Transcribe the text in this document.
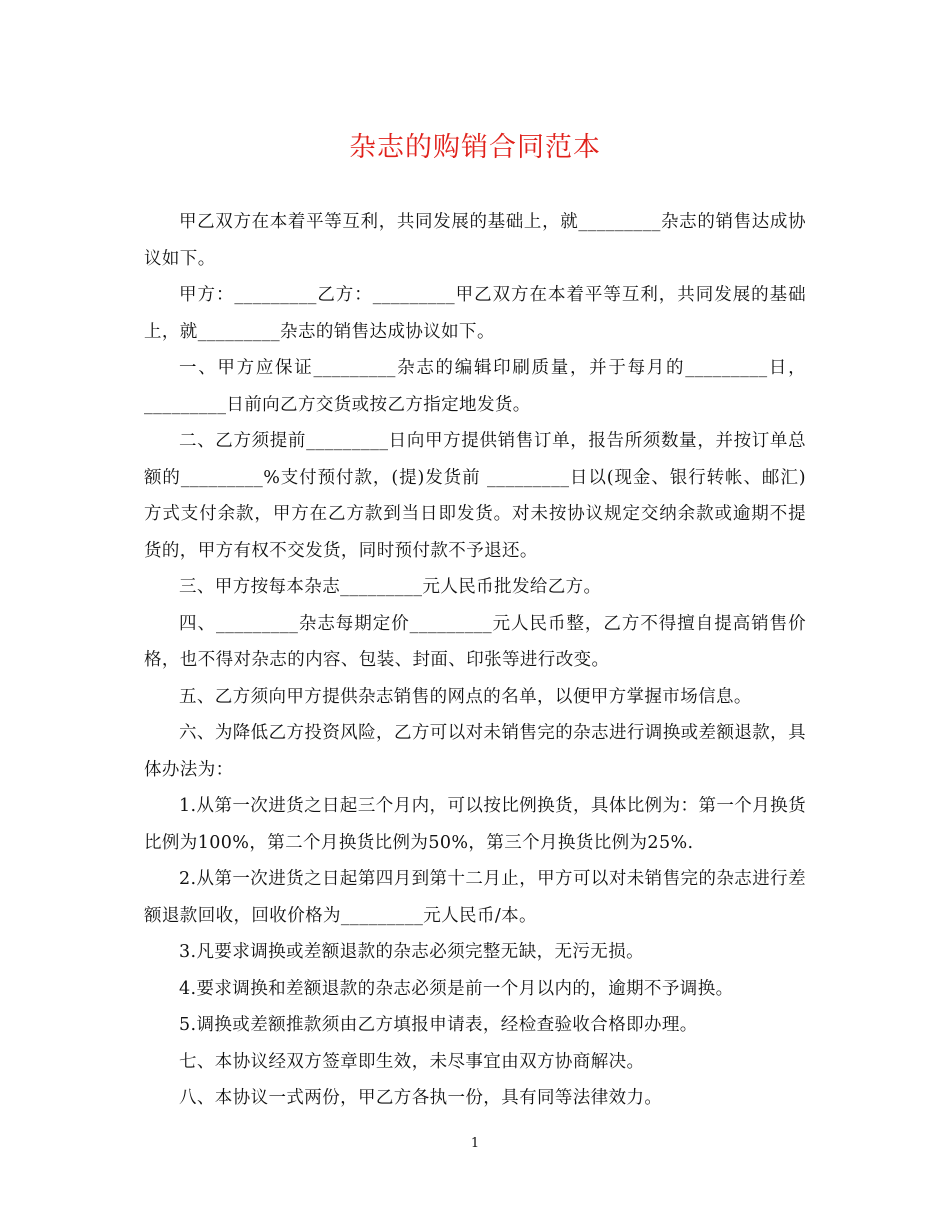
杂志的购销合同范本

甲乙双方在本着平等互利，共同发展的基础上，就_________杂志的销售达成协议如下。

甲方：_________乙方：_________甲乙双方在本着平等互利，共同发展的基础上，就_________杂志的销售达成协议如下。

一、甲方应保证_________杂志的编辑印刷质量，并于每月的_________日，_________日前向乙方交货或按乙方指定地发货。

二、乙方须提前_________日向甲方提供销售订单，报告所须数量，并按订单总额的_________%支付预付款，(提)发货前 _________日以(现金、银行转帐、邮汇)方式支付余款，甲方在乙方款到当日即发货。对未按协议规定交纳余款或逾期不提货的，甲方有权不交发货，同时预付款不予退还。

三、甲方按每本杂志_________元人民币批发给乙方。

四、_________杂志每期定价_________元人民币整，乙方不得擅自提高销售价格，也不得对杂志的内容、包装、封面、印张等进行改变。

五、乙方须向甲方提供杂志销售的网点的名单，以便甲方掌握市场信息。

六、为降低乙方投资风险，乙方可以对未销售完的杂志进行调换或差额退款，具体办法为：

1.从第一次进货之日起三个月内，可以按比例换货，具体比例为：第一个月换货比例为100%，第二个月换货比例为50%，第三个月换货比例为25%.

2.从第一次进货之日起第四月到第十二月止，甲方可以对未销售完的杂志进行差额退款回收，回收价格为_________元人民币/本。

3.凡要求调换或差额退款的杂志必须完整无缺，无污无损。

4.要求调换和差额退款的杂志必须是前一个月以内的，逾期不予调换。

5.调换或差额推款须由乙方填报申请表，经检查验收合格即办理。

七、本协议经双方签章即生效，未尽事宜由双方协商解决。

八、本协议一式两份，甲乙方各执一份，具有同等法律效力。

1
